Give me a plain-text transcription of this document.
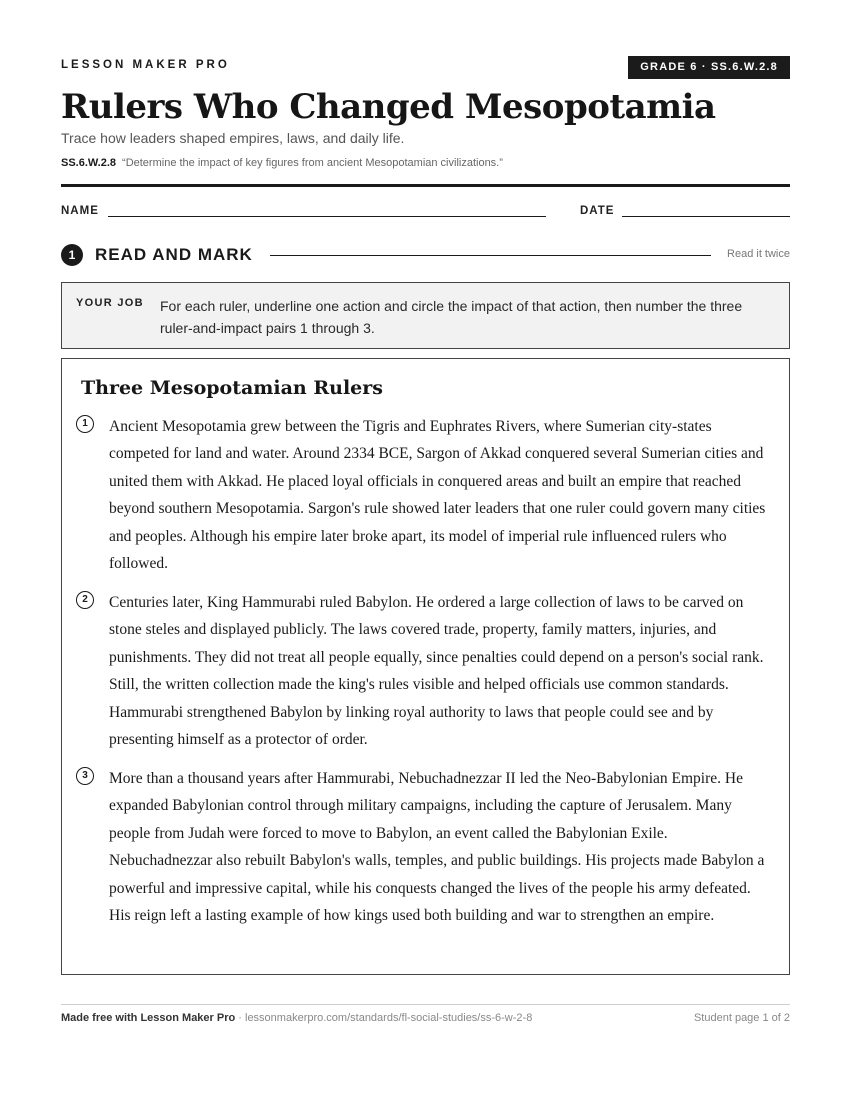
LESSON MAKER PRO	GRADE 6 · SS.6.W.2.8
Rulers Who Changed Mesopotamia
Trace how leaders shaped empires, laws, and daily life.
SS.6.W.2.8 “Determine the impact of key figures from ancient Mesopotamian civilizations.”
NAME	DATE
1	READ AND MARK	Read it twice
YOUR JOB For each ruler, underline one action and circle the impact of that action, then number the three ruler-and-impact pairs 1 through 3.
Three Mesopotamian Rulers
1	Ancient Mesopotamia grew between the Tigris and Euphrates Rivers, where Sumerian city-states competed for land and water. Around 2334 BCE, Sargon of Akkad conquered several Sumerian cities and united them with Akkad. He placed loyal officials in conquered areas and built an empire that reached beyond southern Mesopotamia. Sargon's rule showed later leaders that one ruler could govern many cities and peoples. Although his empire later broke apart, its model of imperial rule influenced rulers who followed.
2	Centuries later, King Hammurabi ruled Babylon. He ordered a large collection of laws to be carved on stone steles and displayed publicly. The laws covered trade, property, family matters, injuries, and punishments. They did not treat all people equally, since penalties could depend on a person's social rank. Still, the written collection made the king's rules visible and helped officials use common standards. Hammurabi strengthened Babylon by linking royal authority to laws that people could see and by presenting himself as a protector of order.
3	More than a thousand years after Hammurabi, Nebuchadnezzar II led the Neo-Babylonian Empire. He expanded Babylonian control through military campaigns, including the capture of Jerusalem. Many people from Judah were forced to move to Babylon, an event called the Babylonian Exile. Nebuchadnezzar also rebuilt Babylon's walls, temples, and public buildings. His projects made Babylon a powerful and impressive capital, while his conquests changed the lives of the people his army defeated. His reign left a lasting example of how kings used both building and war to strengthen an empire.
Made free with Lesson Maker Pro · lessonmakerpro.com/standards/fl-social-studies/ss-6-w-2-8	Student page 1 of 2
